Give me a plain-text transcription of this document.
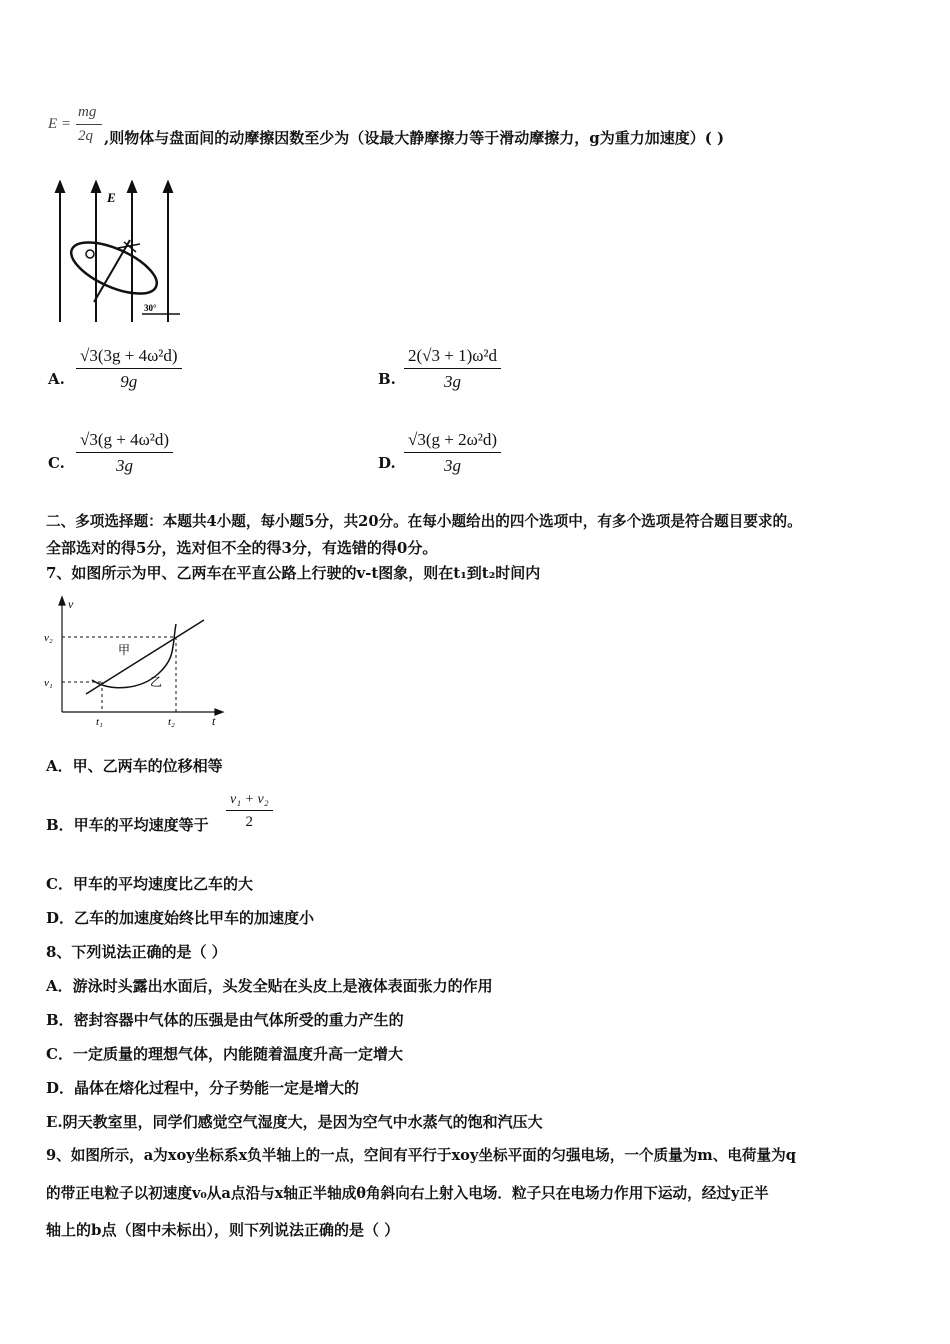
E =
mg
2q ,则物体与盘面间的动摩擦因数至少为（设最大静摩擦力等于滑动摩擦力，g为重力加速度）( )
E
30°
A. $\frac{\text{√3(3g + 4ω²d)}}{9g}$	B. $\frac{\text{2(√3 + 1)ω²d}}{3g}$
C. $\frac{\text{√3(g + 4ω²d)}}{3g}$	D. $\frac{\text{√3(g + 2ω²d)}}{3g}$
二、多项选择题：本题共4小题，每小题5分，共20分。在每小题给出的四个选项中，有多个选项是符合题目要求的。
全部选对的得5分，选对但不全的得3分，有选错的得0分。
7、如图所示为甲、乙两车在平直公路上行驶的v-t图象，则在t₁到t₂时间内
v
t
v₂
v₁
t₁	t₂
甲
乙
A．甲、乙两车的位移相等
B．甲车的平均速度等于 $\frac{\text{v₁ + v₂}}{2}$
C．甲车的平均速度比乙车的大
D．乙车的加速度始终比甲车的加速度小
8、下列说法正确的是（ ）
A．游泳时头露出水面后，头发全贴在头皮上是液体表面张力的作用
B．密封容器中气体的压强是由气体所受的重力产生的
C．一定质量的理想气体，内能随着温度升高一定增大
D．晶体在熔化过程中，分子势能一定是增大的
E.阴天教室里，同学们感觉空气湿度大，是因为空气中水蒸气的饱和汽压大
9、如图所示，a为xoy坐标系x负半轴上的一点，空间有平行于xoy坐标平面的匀强电场，一个质量为m、电荷量为q
的带正电粒子以初速度v₀从a点沿与x轴正半轴成θ角斜向右上射入电场．粒子只在电场力作用下运动，经过y正半
轴上的b点（图中未标出），则下列说法正确的是（ ）
